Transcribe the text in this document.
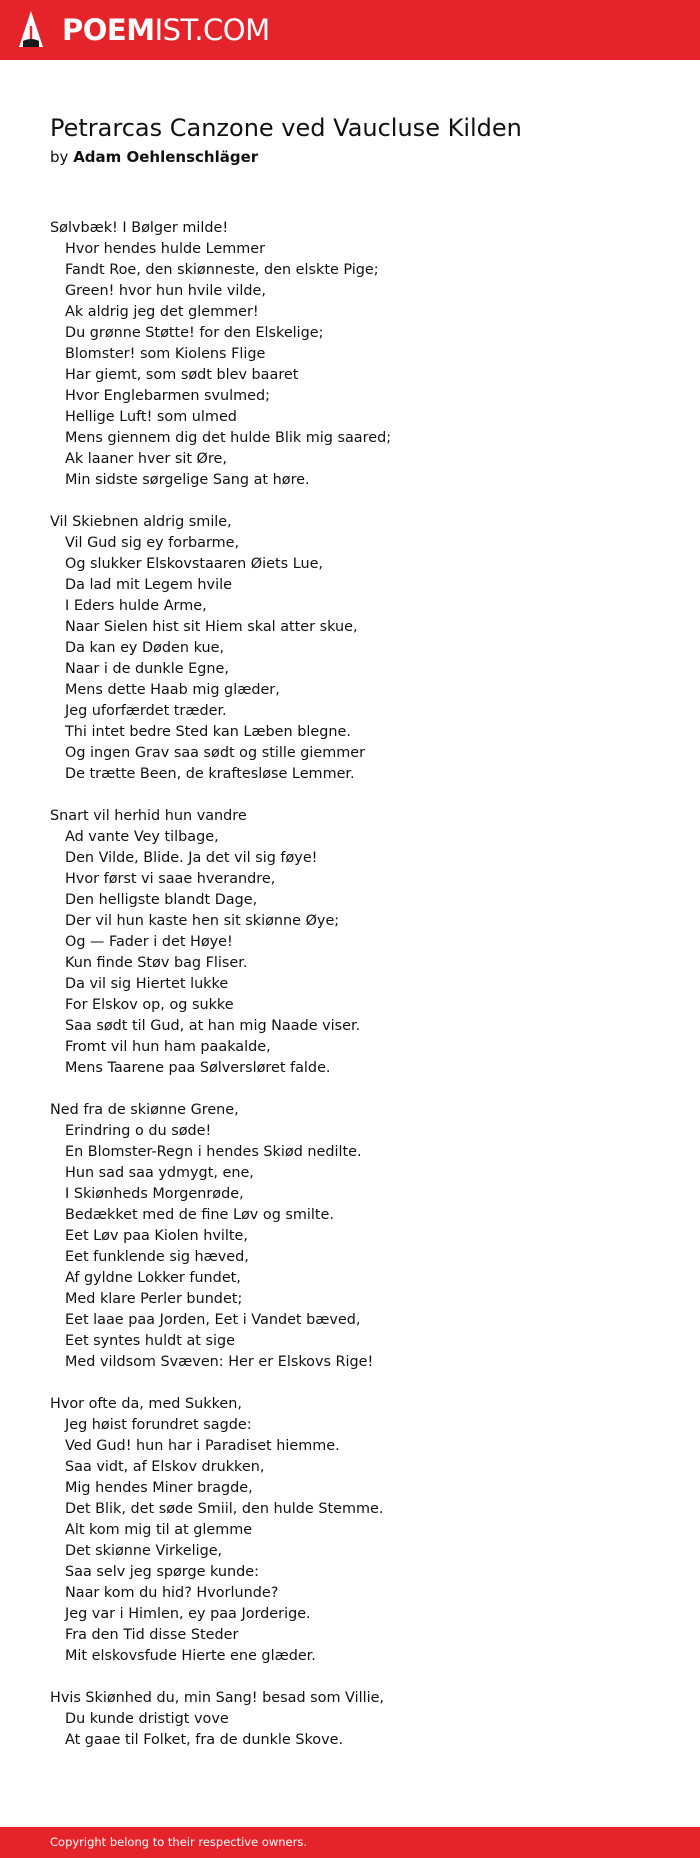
POEMIST.COM
Petrarcas Canzone ved Vaucluse Kilden
by Adam Oehlenschläger
Sølvbæk! I Bølger milde!
Hvor hendes hulde Lemmer
Fandt Roe, den skiønneste, den elskte Pige;
Green! hvor hun hvile vilde,
Ak aldrig jeg det glemmer!
Du grønne Støtte! for den Elskelige;
Blomster! som Kiolens Flige
Har giemt, som sødt blev baaret
Hvor Englebarmen svulmed;
Hellige Luft! som ulmed
Mens giennem dig det hulde Blik mig saared;
Ak laaner hver sit Øre,
Min sidste sørgelige Sang at høre.
Vil Skiebnen aldrig smile,
Vil Gud sig ey forbarme,
Og slukker Elskovstaaren Øiets Lue,
Da lad mit Legem hvile
I Eders hulde Arme,
Naar Sielen hist sit Hiem skal atter skue,
Da kan ey Døden kue,
Naar i de dunkle Egne,
Mens dette Haab mig glæder,
Jeg uforfærdet træder.
Thi intet bedre Sted kan Læben blegne.
Og ingen Grav saa sødt og stille giemmer
De trætte Been, de kraftesløse Lemmer.
Snart vil herhid hun vandre
Ad vante Vey tilbage,
Den Vilde, Blide. Ja det vil sig føye!
Hvor først vi saae hverandre,
Den helligste blandt Dage,
Der vil hun kaste hen sit skiønne Øye;
Og — Fader i det Høye!
Kun finde Støv bag Fliser.
Da vil sig Hiertet lukke
For Elskov op, og sukke
Saa sødt til Gud, at han mig Naade viser.
Fromt vil hun ham paakalde,
Mens Taarene paa Sølversløret falde.
Ned fra de skiønne Grene,
Erindring o du søde!
En Blomster-Regn i hendes Skiød nedilte.
Hun sad saa ydmygt, ene,
I Skiønheds Morgenrøde,
Bedækket med de fine Løv og smilte.
Eet Løv paa Kiolen hvilte,
Eet funklende sig hæved,
Af gyldne Lokker fundet,
Med klare Perler bundet;
Eet laae paa Jorden, Eet i Vandet bæved,
Eet syntes huldt at sige
Med vildsom Svæven: Her er Elskovs Rige!
Hvor ofte da, med Sukken,
Jeg høist forundret sagde:
Ved Gud! hun har i Paradiset hiemme.
Saa vidt, af Elskov drukken,
Mig hendes Miner bragde,
Det Blik, det søde Smiil, den hulde Stemme.
Alt kom mig til at glemme
Det skiønne Virkelige,
Saa selv jeg spørge kunde:
Naar kom du hid? Hvorlunde?
Jeg var i Himlen, ey paa Jorderige.
Fra den Tid disse Steder
Mit elskovsfude Hierte ene glæder.
Hvis Skiønhed du, min Sang! besad som Villie,
Du kunde dristigt vove
At gaae til Folket, fra de dunkle Skove.
Copyright belong to their respective owners.
